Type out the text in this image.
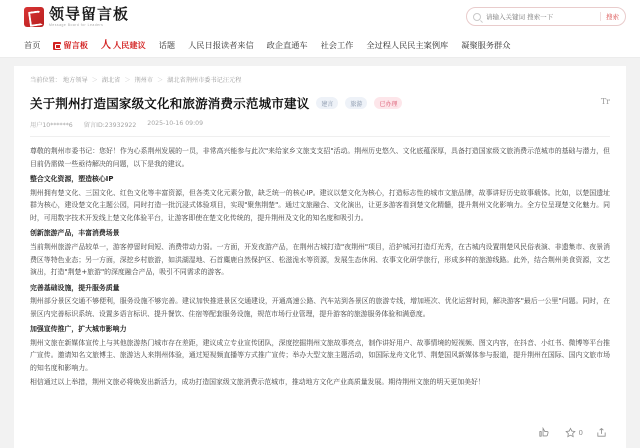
领导留言板
Message Board for Leaders
请输入关键词 搜索一下
搜索
首页	留言板 人 人民建议 话题 人民日报读者来信 政企直通车 社会工作 全过程人民民主案例库 凝聚服务群众
当前位置： 地方领导 ＞ 湖北省 ＞ 荆州市 ＞ 湖北省荆州市委书记汪元程
Tr
关于荆州打造国家级文化和旅游消费示范城市建议	建言	旅游	已办理
用户10******6 留言ID:23932922 2025-10-16 09:09

尊敬的荆州市委书记：您好！作为心系荆州发展的一员，非常高兴能参与此次"来给家乡文旅支支招"活动。荆州历史悠久、文化底蕴深厚，具备打造国家级文旅消费示范城市的基础与潜力，但目前仍需做一些亟待解决的问题，以下是我的建议。

整合文化资源，塑造核心IP

荆州拥有楚文化、三国文化、红色文化等丰富资源，但各类文化元素分散，缺乏统一的核心IP。建议以楚文化为核心，打造标志性的城市文旅品牌，故事讲好历史故事载体。比如，以楚国遗址群为核心，建设楚文化主题公园，同时打造一批沉浸式体验项目，实现"聚焦荆楚"。通过文旅融合、文化演出，让更多游客看到楚文化精髓，提升荆州文化影响力。全方位呈现楚文化魅力。同时，可用数字技术开发线上楚文化体验平台，让游客即使在楚文化传统的，提升荆州及文化的知名度和吸引力。

创新旅游产品，丰富消费场景

当前荆州旅游产品较单一，游客停留时间短、消费带动力弱。一方面，开发夜游产品，在荆州古城打造"夜荆州"项目，沿护城河打造灯光秀，在古城内设置荆楚风民俗表演、非遗集市、夜景消费区等特色业态；另一方面，深挖乡村旅游，如洪湖湿地、石首麋鹿自然保护区、松滋洈水等资源，发展生态休闲、农事文化研学旅行，形成多样的旅游线路。此外，结合荆州美食资源，文艺演出，打造"荆楚+旅游"的深度融合产品，吸引不同需求的游客。

完善基础设施，提升服务质量

荆州部分景区交通不够便利，服务设施不够完善。建议加快推进景区交通建设，开通高速公路、汽车站到各景区的旅游专线，增加班次、优化运营时间，解决游客"最后一公里"问题。同时，在景区内完善标识系统、设置多语言标识、提升餐饮、住宿等配套服务设施，规范市场行业管理，提升游客的旅游服务体验和满意度。

加强宣传推广，扩大城市影响力

荆州文旅在新媒体宣传上与其他旅游热门城市存在差距，建议成立专业宣传团队，深度挖掘荆州文旅故事亮点，制作讲好用户、故事情境的短视频、图文内容，在抖音、小红书、微博等平台推广宣传。邀请知名文旅博主、旅游达人来荆州体验，通过短视频直播等方式推广宣传；举办大型文旅主题活动，如国际龙舟文化节、荆楚国风新媒体参与报道，提升荆州在国际、国内文旅市场的知名度和影响力。

相信通过以上举措，荆州文旅必将焕发出新活力，成功打造国家级文旅消费示范城市，推动地方文化产业高质量发展。期待荆州文旅的明天更加美好！

0
